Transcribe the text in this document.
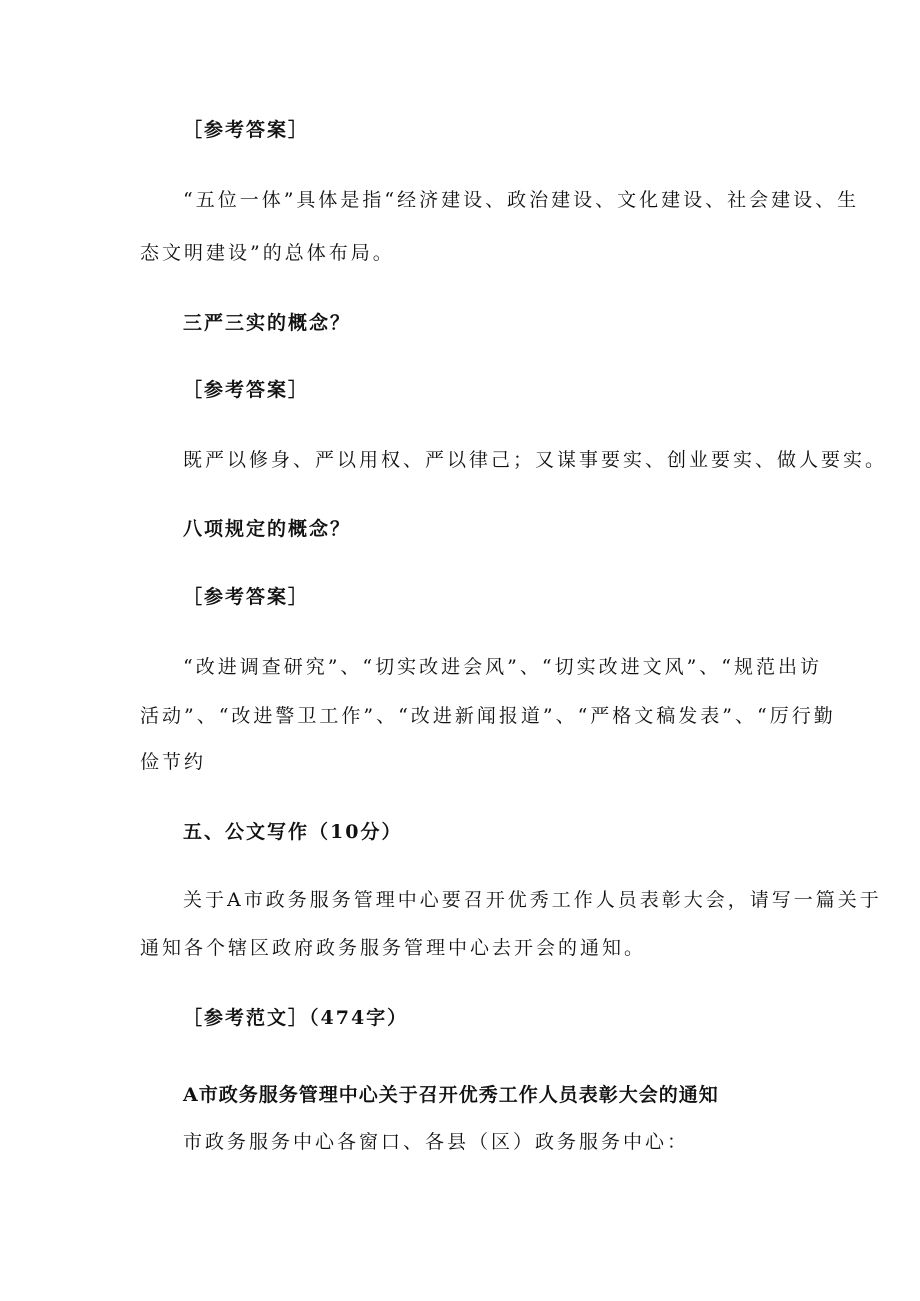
［参考答案］
“五位一体”具体是指“经济建设、政治建设、文化建设、社会建设、生
态文明建设”的总体布局。
三严三实的概念？
［参考答案］
既严以修身、严以用权、严以律己；又谋事要实、创业要实、做人要实。
八项规定的概念？
［参考答案］
“改进调查研究”、“切实改进会风”、“切实改进文风”、“规范出访
活动”、“改进警卫工作”、“改进新闻报道”、“严格文稿发表”、“厉行勤
俭节约
五、公文写作（10分）
关于A市政务服务管理中心要召开优秀工作人员表彰大会，请写一篇关于
通知各个辖区政府政务服务管理中心去开会的通知。
［参考范文］（474字）
A市政务服务管理中心关于召开优秀工作人员表彰大会的通知
市政务服务中心各窗口、各县（区）政务服务中心：
